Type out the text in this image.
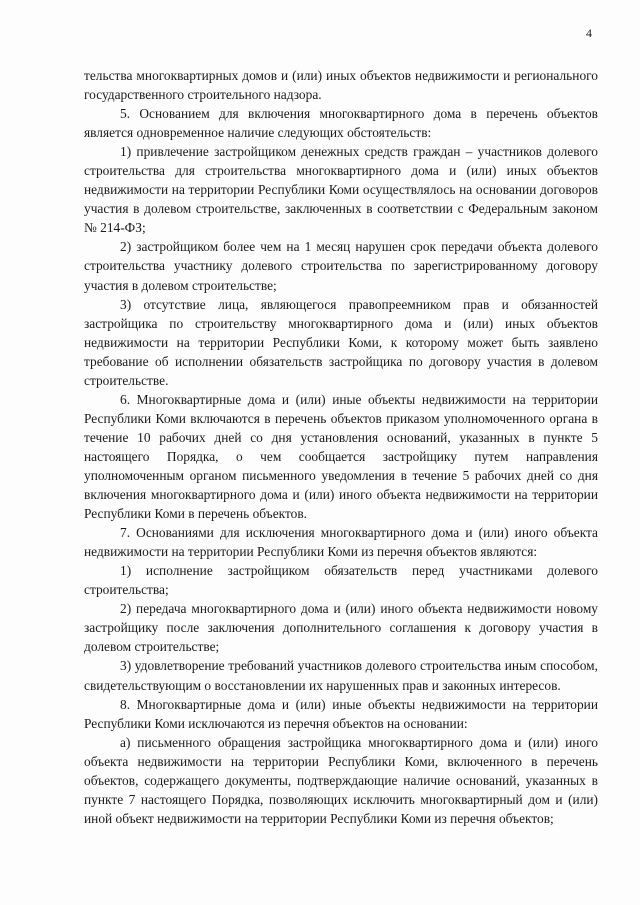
4

тельства многоквартирных домов и (или) иных объектов недвижимости и регионального государственного строительного надзора.

5. Основанием для включения многоквартирного дома в перечень объектов является одновременное наличие следующих обстоятельств:

1) привлечение застройщиком денежных средств граждан – участников долевого строительства для строительства многоквартирного дома и (или) иных объектов недвижимости на территории Республики Коми осуществлялось на основании договоров участия в долевом строительстве, заключенных в соответствии с Федеральным законом № 214-ФЗ;

2) застройщиком более чем на 1 месяц нарушен срок передачи объекта долевого строительства участнику долевого строительства по зарегистрированному договору участия в долевом строительстве;

3) отсутствие лица, являющегося правопреемником прав и обязанностей застройщика по строительству многоквартирного дома и (или) иных объектов недвижимости на территории Республики Коми, к которому может быть заявлено требование об исполнении обязательств застройщика по договору участия в долевом строительстве.

6. Многоквартирные дома и (или) иные объекты недвижимости на территории Республики Коми включаются в перечень объектов приказом уполномоченного органа в течение 10 рабочих дней со дня установления оснований, указанных в пункте 5 настоящего Порядка, о чем сообщается застройщику путем направления уполномоченным органом письменного уведомления в течение 5 рабочих дней со дня включения многоквартирного дома и (или) иного объекта недвижимости на территории Республики Коми в перечень объектов.

7. Основаниями для исключения многоквартирного дома и (или) иного объекта недвижимости на территории Республики Коми из перечня объектов являются:

1) исполнение застройщиком обязательств перед участниками долевого строительства;

2) передача многоквартирного дома и (или) иного объекта недвижимости новому застройщику после заключения дополнительного соглашения к договору участия в долевом строительстве;

3) удовлетворение требований участников долевого строительства иным способом, свидетельствующим о восстановлении их нарушенных прав и законных интересов.

8. Многоквартирные дома и (или) иные объекты недвижимости на территории Республики Коми исключаются из перечня объектов на основании:

а) письменного обращения застройщика многоквартирного дома и (или) иного объекта недвижимости на территории Республики Коми, включенного в перечень объектов, содержащего документы, подтверждающие наличие оснований, указанных в пункте 7 настоящего Порядка, позволяющих исключить многоквартирный дом и (или) иной объект недвижимости на территории Республики Коми из перечня объектов;
